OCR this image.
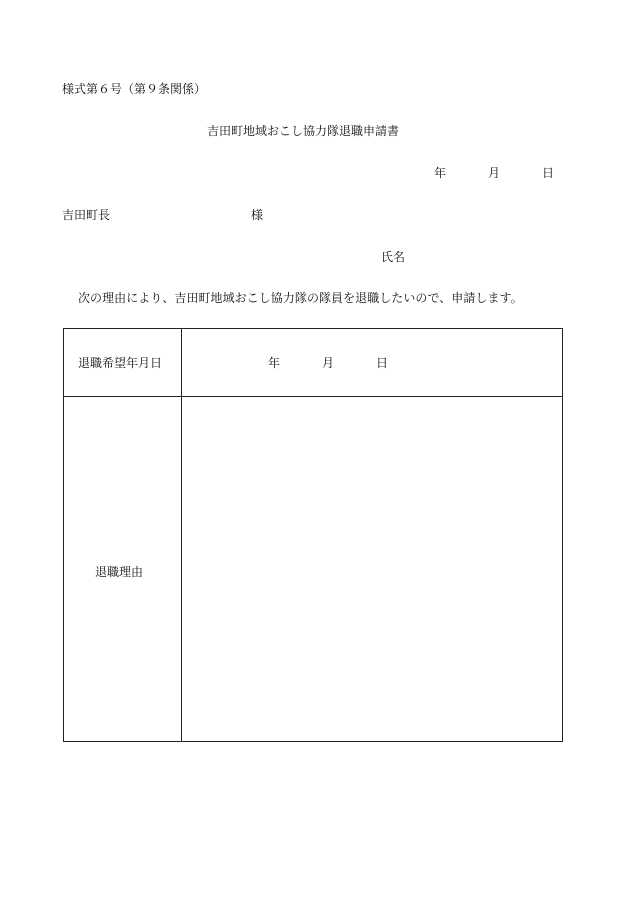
様式第６号（第９条関係）
吉田町地域おこし協力隊退職申請書
年	月	日
吉田町長	様
氏名
次の理由により、吉田町地域おこし協力隊の隊員を退職したいので、申請します。
退職希望年月日	年	月	日
退職理由
